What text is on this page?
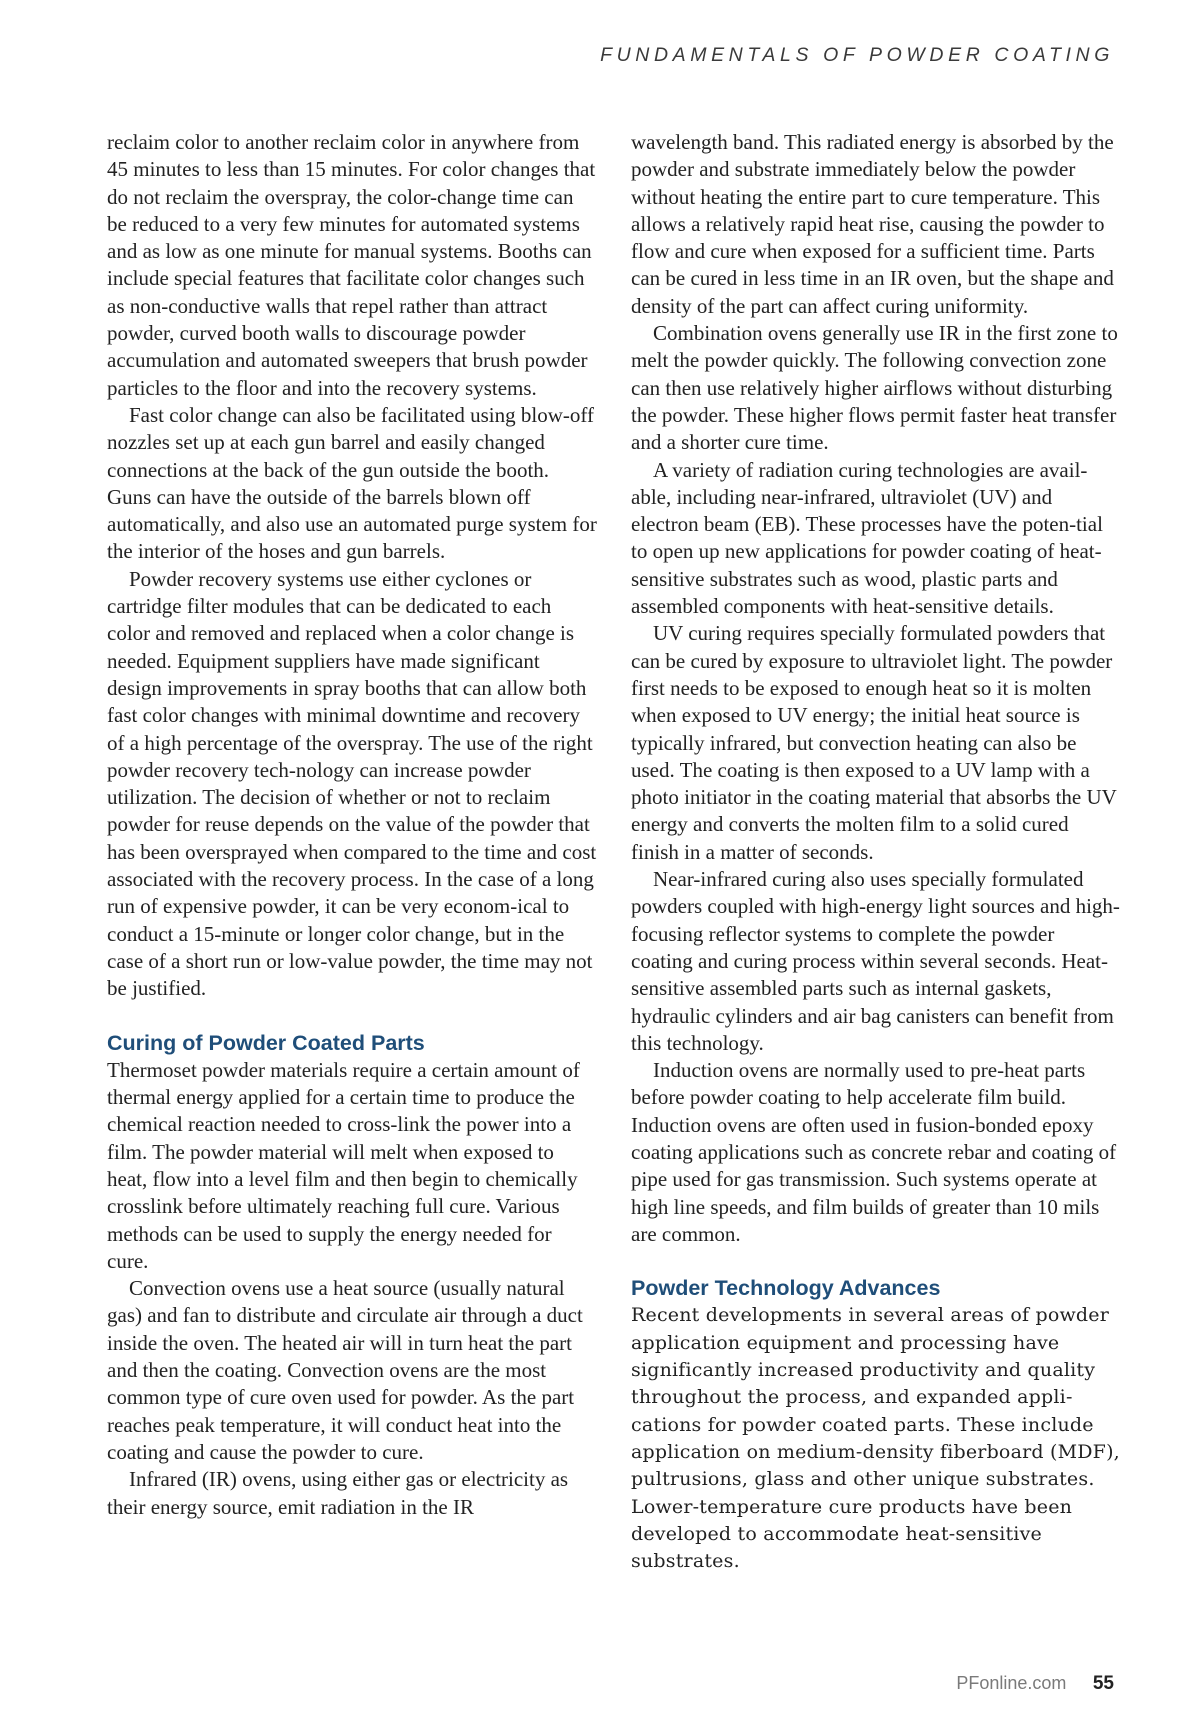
FUNDAMENTALS OF POWDER COATING

reclaim color to another reclaim color in anywhere from 45 minutes to less than 15 minutes. For color changes that do not reclaim the overspray, the color-change time can be reduced to a very few minutes for automated systems and as low as one minute for manual systems. Booths can include special features that facilitate color changes such as non-conductive walls that repel rather than attract powder, curved booth walls to discourage powder accumulation and automated sweepers that brush powder particles to the floor and into the recovery systems.

Fast color change can also be facilitated using blow-off nozzles set up at each gun barrel and easily changed connections at the back of the gun outside the booth. Guns can have the outside of the barrels blown off automatically, and also use an automated purge system for the interior of the hoses and gun barrels.

Powder recovery systems use either cyclones or cartridge filter modules that can be dedicated to each color and removed and replaced when a color change is needed. Equipment suppliers have made significant design improvements in spray booths that can allow both fast color changes with minimal downtime and recovery of a high percentage of the overspray. The use of the right powder recovery tech-nology can increase powder utilization. The decision of whether or not to reclaim powder for reuse depends on the value of the powder that has been oversprayed when compared to the time and cost associated with the recovery process. In the case of a long run of expensive powder, it can be very econom-ical to conduct a 15-minute or longer color change, but in the case of a short run or low-value powder, the time may not be justified.

Curing of Powder Coated Parts

Thermoset powder materials require a certain amount of thermal energy applied for a certain time to produce the chemical reaction needed to cross-link the power into a film. The powder material will melt when exposed to heat, flow into a level film and then begin to chemically crosslink before ultimately reaching full cure. Various methods can be used to supply the energy needed for cure.

Convection ovens use a heat source (usually natural gas) and fan to distribute and circulate air through a duct inside the oven. The heated air will in turn heat the part and then the coating. Convection ovens are the most common type of cure oven used for powder. As the part reaches peak temperature, it will conduct heat into the coating and cause the powder to cure.

Infrared (IR) ovens, using either gas or electricity as their energy source, emit radiation in the IR

wavelength band. This radiated energy is absorbed by the powder and substrate immediately below the powder without heating the entire part to cure temperature. This allows a relatively rapid heat rise, causing the powder to flow and cure when exposed for a sufficient time. Parts can be cured in less time in an IR oven, but the shape and density of the part can affect curing uniformity.

Combination ovens generally use IR in the first zone to melt the powder quickly. The following convection zone can then use relatively higher airflows without disturbing the powder. These higher flows permit faster heat transfer and a shorter cure time.

A variety of radiation curing technologies are avail-able, including near-infrared, ultraviolet (UV) and electron beam (EB). These processes have the poten-tial to open up new applications for powder coating of heat-sensitive substrates such as wood, plastic parts and assembled components with heat-sensitive details.

UV curing requires specially formulated powders that can be cured by exposure to ultraviolet light. The powder first needs to be exposed to enough heat so it is molten when exposed to UV energy; the initial heat source is typically infrared, but convection heating can also be used. The coating is then exposed to a UV lamp with a photo initiator in the coating material that absorbs the UV energy and converts the molten film to a solid cured finish in a matter of seconds.

Near-infrared curing also uses specially formulated powders coupled with high-energy light sources and high-focusing reflector systems to complete the powder coating and curing process within several seconds. Heat-sensitive assembled parts such as internal gaskets, hydraulic cylinders and air bag canisters can benefit from this technology.

Induction ovens are normally used to pre-heat parts before powder coating to help accelerate film build. Induction ovens are often used in fusion-bonded epoxy coating applications such as concrete rebar and coating of pipe used for gas transmission. Such systems operate at high line speeds, and film builds of greater than 10 mils are common.

Powder Technology Advances

Recent developments in several areas of powder application equipment and processing have significantly increased productivity and quality throughout the process, and expanded appli-cations for powder coated parts. These include application on medium-density fiberboard (MDF), pultrusions, glass and other unique substrates. Lower-temperature cure products have been developed to accommodate heat-sensitive substrates.

PFonline.com 55
